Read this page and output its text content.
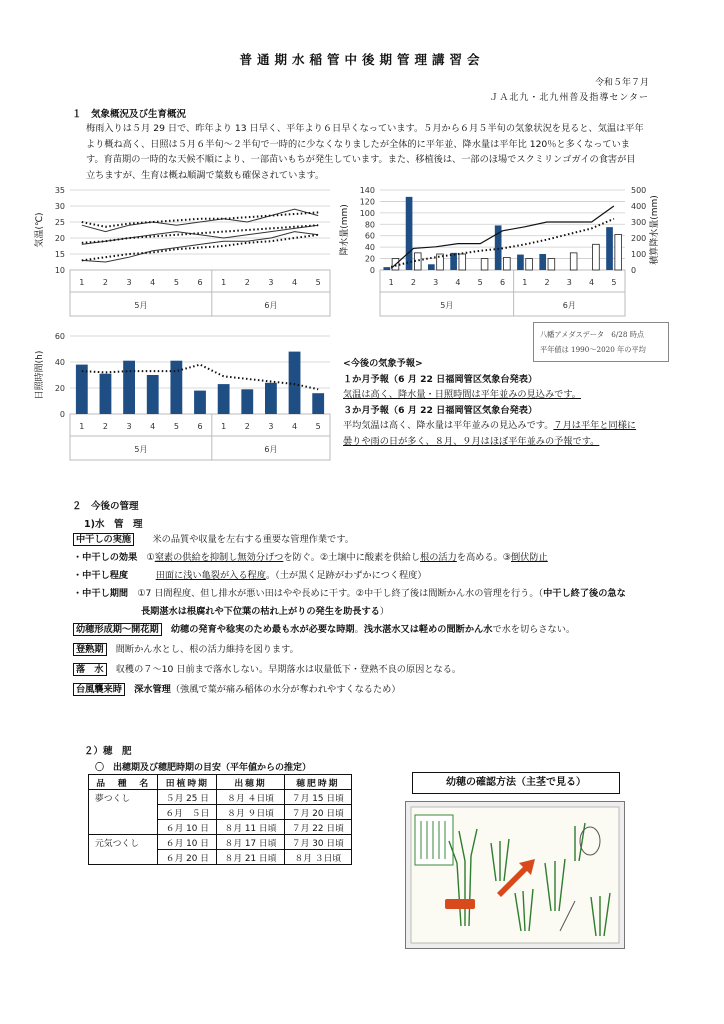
普通期水稲管中後期管理講習会
令和５年７月
ＪＡ北九・北九州普及指導センター
１　気象概況及び生育概況
梅雨入りは５月 29 日で、昨年より 13 日早く、平年より６日早くなっています。５月から６月５半旬の気象状況を見ると、気温は平年
より概ね高く、日照は５月６半旬～２半旬で一時的に少なくなりましたが全体的に平年並、降水量は平年比 120％と多くなっていま
す。育苗期の一時的な天候不順により、一部苗いもちが発生しています。また、移植後は、一部のほ場でスクミリンゴガイの食害が目
立ちますが、生育は概ね順調で葉数も確保されています。
10
15
20
25
30
35
1 2 3 4 5 6 1 2 3 4 5
5月	6月
気温(℃)
0
20
40
60
80
100
120
140
0
100
200
300
400
500
1 2 3 4 5 6 1 2 3 4 5
5月	6月
降水量(mm)	積算降水量(mm)
0
20
40
60
1 2 3 4 5 6 1 2 3 4 5
5月	6月
日照時間(h)
八幡アメダスデータ　6/28 時点
平年値は 1990～2020 年の平均
<今後の気象予報>
１か月予報（6 月 22 日福岡管区気象台発表）
気温は高く、降水量・日照時間は平年並みの見込みです。
３か月予報（6 月 22 日福岡管区気象台発表）
平均気温は高く、降水量は平年並みの見込みです。７月は平年と同様に
曇りや雨の日が多く、８月、９月はほぼ平年並みの予報です。
２　今後の管理
1)水　管　理
中干しの実施　　 米の品質や収量を左右する重要な管理作業です。
・中干しの効果　 ①窒素の供給を抑制し無効分げつを防ぐ。②土壌中に酸素を供給し根の活力を高める。③倒伏防止
・中干し程度　　　	田面に浅い亀裂が入る程度。（土が黒く足跡がわずかにつく程度）
・中干し期間　 ①7 日間程度、但し排水が悪い田はやや長めに干す。②中干し終了後は間断かん水の管理を行う。（中干し終了後の急な
長期湛水は根腐れや下位葉の枯れ上がりの発生を助長する）
幼穂形成期～開花期　 幼穂の発育や稔実のため最も水が必要な時期。浅水湛水又は軽めの間断かん水で水を切らさない。
登熟期　 間断かん水とし、根の活力維持を図ります。
落　水　 収穫の７～10 日前まで落水しない。早期落水は収量低下・登熟不良の原因となる。
台風襲来時　 深水管理（強風で葉が痛み稲体の水分が奪われやすくなるため）
２）穂　肥
〇　出穂期及び穂肥時期の目安（平年値からの推定）
品　種　名	田植時期	出穂期	穂肥時期
夢つくし	５月 25 日	８月 ４日頃	７月 15 日頃
	６月　５日	８月 ９日頃	７月 20 日頃
	６月 10 日	８月 11 日頃	７月 22 日頃
元気つくし	６月 10 日	８月 17 日頃	７月 30 日頃
	６月 20 日	８月 21 日頃	８月 ３日頃
幼穂の確認方法（主茎で見る）
